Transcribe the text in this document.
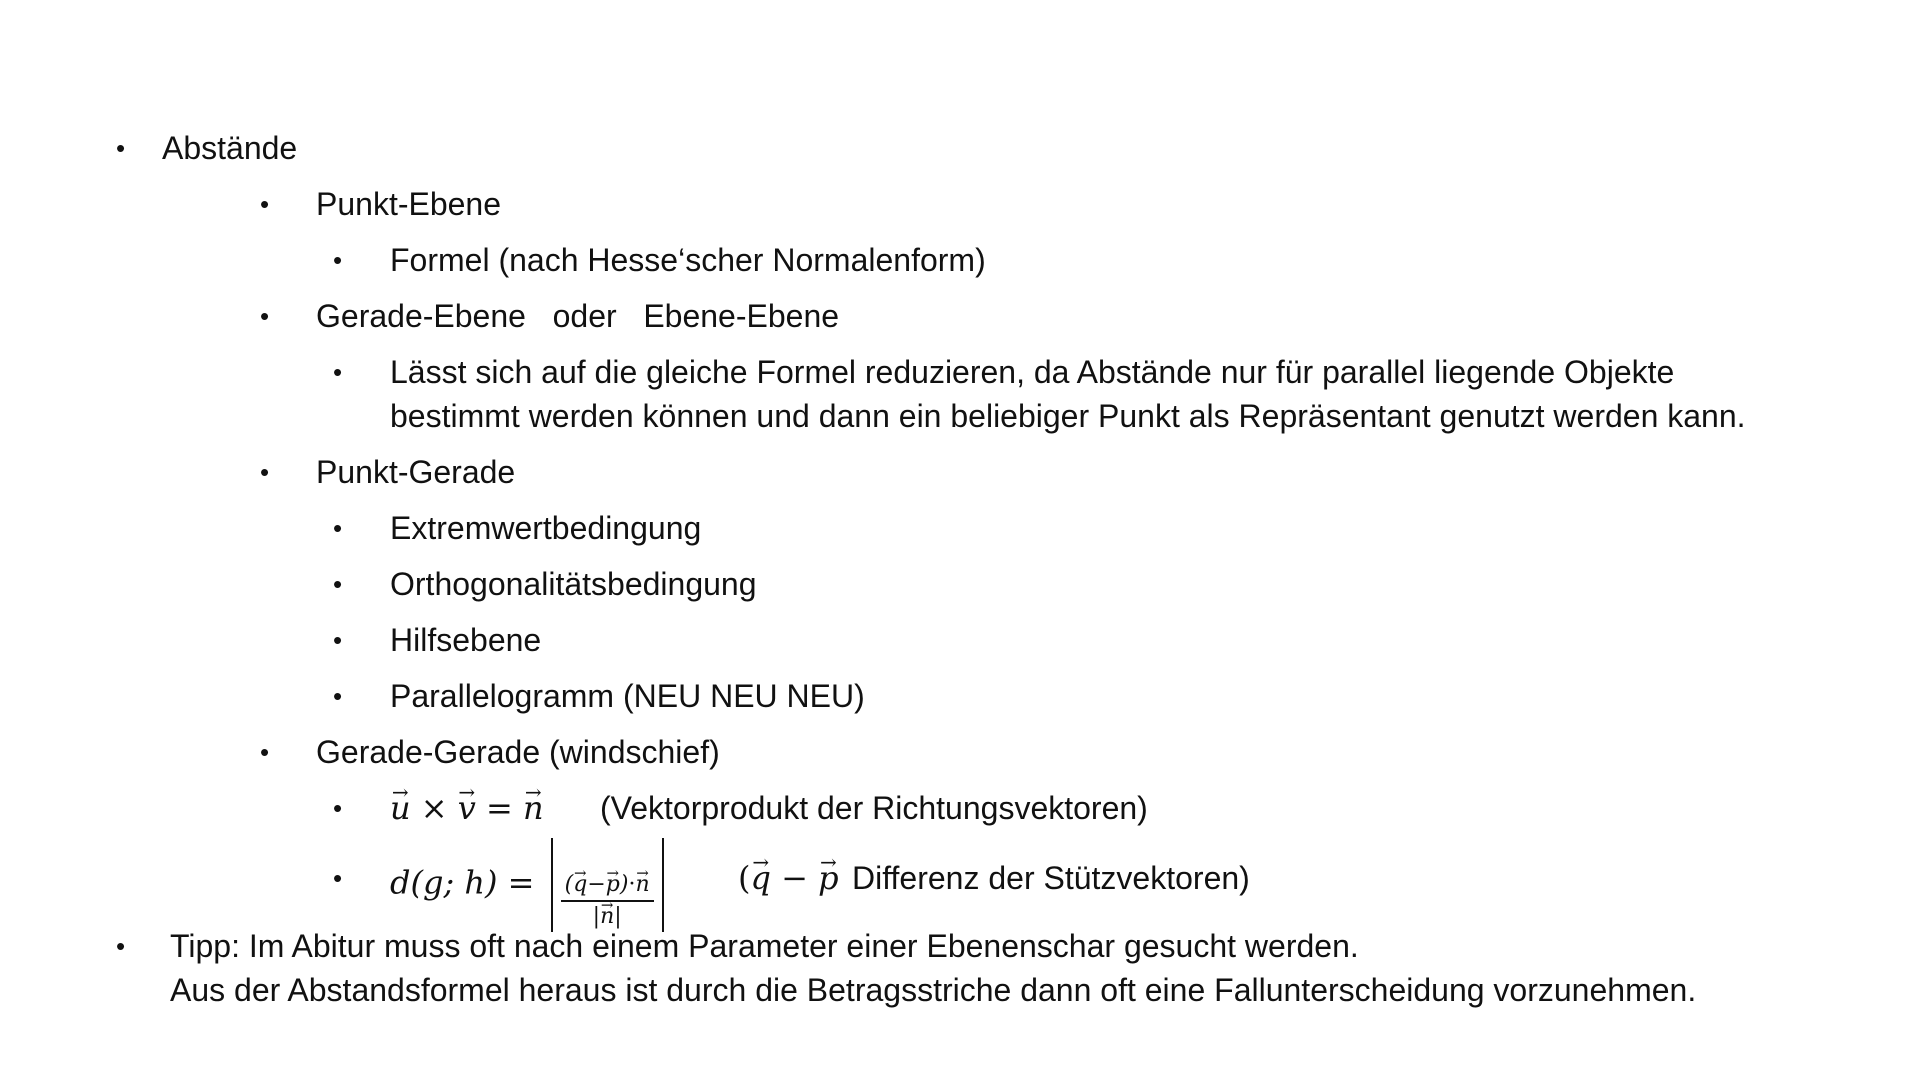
• Abstände
• Punkt-Ebene
• Formel (nach Hesse‘scher Normalenform)
• Gerade-Ebene   oder   Ebene-Ebene
• Lässt sich auf die gleiche Formel reduzieren, da Abstände nur für parallel liegende Objekte
bestimmt werden können und dann ein beliebiger Punkt als Repräsentant genutzt werden kann.
• Punkt-Gerade
• Extremwertbedingung
• Orthogonalitätsbedingung
• Hilfsebene
• Parallelogramm (NEU NEU NEU)
• Gerade-Gerade (windschief)
• → u × → v = → n (Vektorprodukt der Richtungsvektoren)
• d(g; $h) = \frac{(\to q-\to p)\cdot\to n}{|\to n|}$	(→ q − → p Differenz der Stützvektoren)
• Tipp: Im Abitur muss oft nach einem Parameter einer Ebenenschar gesucht werden.
Aus der Abstandsformel heraus ist durch die Betragsstriche dann oft eine Fallunterscheidung vorzunehmen.
